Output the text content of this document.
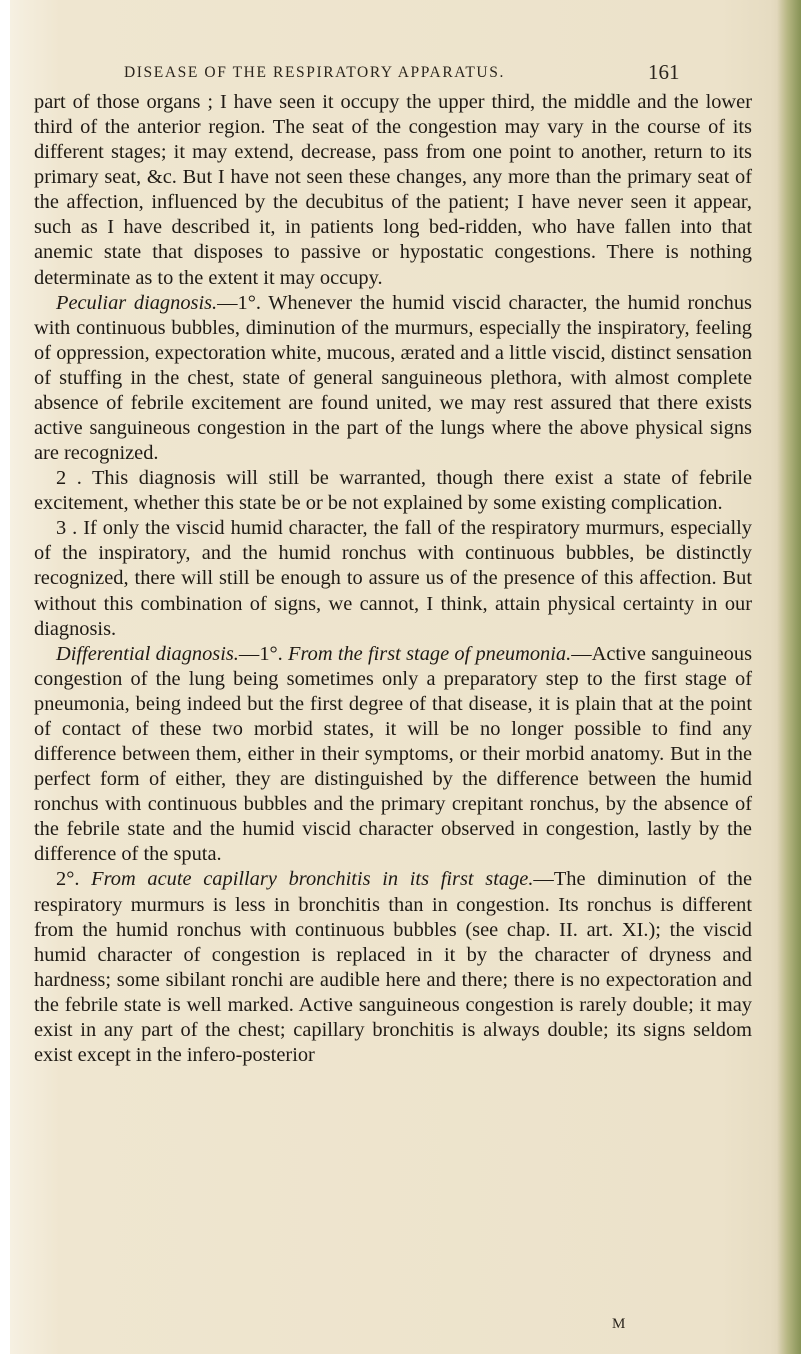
DISEASE OF THE RESPIRATORY APPARATUS.	161

part of those organs ; I have seen it occupy the upper third, the middle and the lower third of the anterior region. The seat of the congestion may vary in the course of its different stages; it may extend, decrease, pass from one point to another, return to its primary seat, &c. But I have not seen these changes, any more than the primary seat of the affection, influenced by the decubitus of the patient; I have never seen it appear, such as I have described it, in patients long bed-ridden, who have fallen into that anemic state that disposes to passive or hypostatic congestions. There is nothing determinate as to the extent it may occupy.

Peculiar diagnosis.—1°. Whenever the humid viscid character, the humid ronchus with continuous bubbles, diminution of the murmurs, especially the inspiratory, feeling of oppression, expectoration white, mucous, ærated and a little viscid, distinct sensation of stuffing in the chest, state of general sanguineous plethora, with almost complete absence of febrile excitement are found united, we may rest assured that there exists active sanguineous congestion in the part of the lungs where the above physical signs are recognized.

2 . This diagnosis will still be warranted, though there exist a state of febrile excitement, whether this state be or be not explained by some existing complication.

3 . If only the viscid humid character, the fall of the respiratory murmurs, especially of the inspiratory, and the humid ronchus with continuous bubbles, be distinctly recognized, there will still be enough to assure us of the presence of this affection. But without this combination of signs, we cannot, I think, attain physical certainty in our diagnosis.

Differential diagnosis.—1°. From the first stage of pneumonia.—Active sanguineous congestion of the lung being sometimes only a preparatory step to the first stage of pneumonia, being indeed but the first degree of that disease, it is plain that at the point of contact of these two morbid states, it will be no longer possible to find any difference between them, either in their symptoms, or their morbid anatomy. But in the perfect form of either, they are distinguished by the difference between the humid ronchus with continuous bubbles and the primary crepitant ronchus, by the absence of the febrile state and the humid viscid character observed in congestion, lastly by the difference of the sputa.

2°. From acute capillary bronchitis in its first stage.—The diminution of the respiratory murmurs is less in bronchitis than in congestion. Its ronchus is different from the humid ronchus with continuous bubbles (see chap. II. art. XI.); the viscid humid character of congestion is replaced in it by the character of dryness and hardness; some sibilant ronchi are audible here and there; there is no expectoration and the febrile state is well marked. Active sanguineous congestion is rarely double; it may exist in any part of the chest; capillary bronchitis is always double; its signs seldom exist except in the infero-posterior

M
